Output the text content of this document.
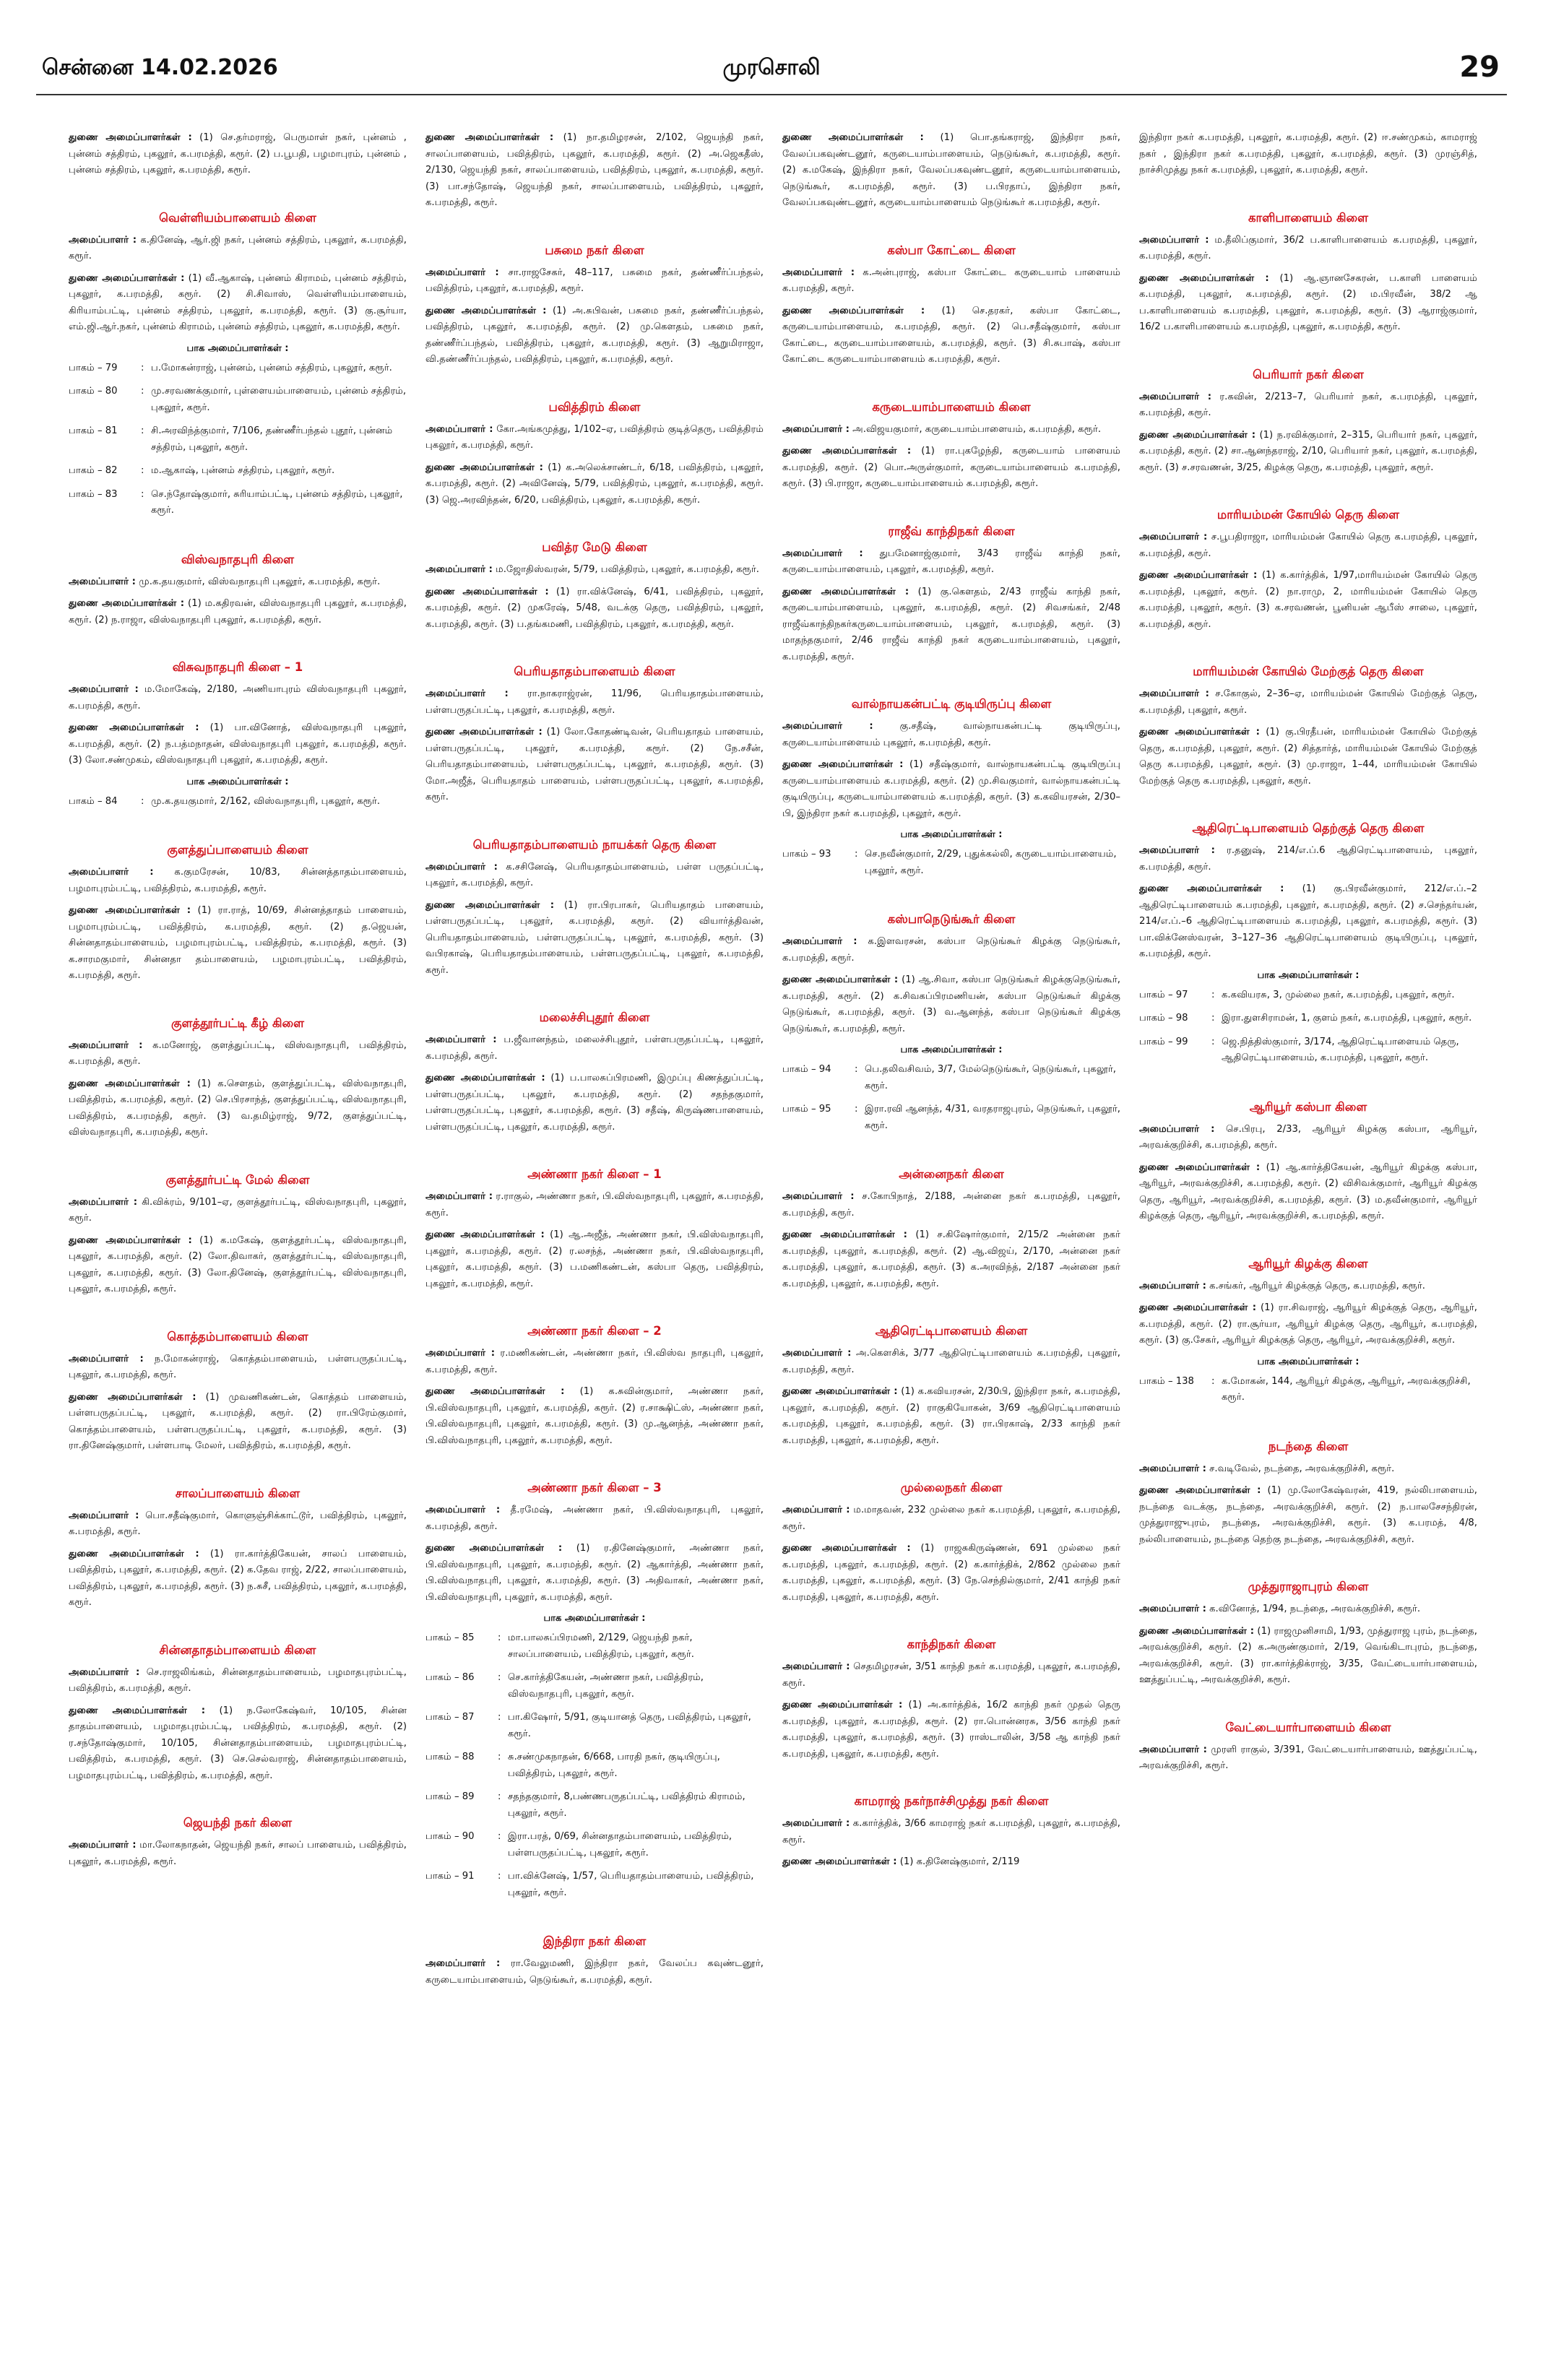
சென்னை 14.02.2026	முரசொலி	29
துணை அமைப்பாளர்கள் : (1) செ.தர்மராஜ், பெருமாள் நகர், புன்னம் , புன்னம் சத்திரம், புகலூர், க.பரமத்தி, கரூர். (2) ப.பூபதி, பழமாபுரம், புன்னம் , புன்னம் சத்திரம், புகலூர், க.பரமத்தி, கரூர்.
வெள்ளியம்பாளையம் கிளை
அமைப்பாளர் : க.தினேஷ், ஆர்.ஜி நகர், புன்னம் சத்திரம், புகலூர், க.பரமத்தி, கரூர்.
துணை அமைப்பாளர்கள் : (1) வீ.ஆகாஷ், புன்னம் கிராமம், புன்னம் சத்திரம், புகலூர், க.பரமத்தி, கரூர். (2) சி.சிவாஸ், வெள்ளியம்பாளையம், கிரியாம்பட்டி, புன்னம் சத்திரம், புகலூர், க.பரமத்தி, கரூர். (3) கு.சூர்யா, எம்.ஜி.ஆர்.நகர், புன்னம் கிராமம், புன்னம் சத்திரம், புகலூர், க.பரமத்தி, கரூர்.
பாக அமைப்பாளர்கள் :
பாகம் – 79	: ப.மோகன்ராஜ், புன்னம், புன்னம் சத்திரம், புகலூர், கரூர்.
பாகம் – 80	: மு.சரவணக்குமார், புள்ளையம்பாளையம், புன்னம் சத்திரம், புகலூர், கரூர்.
பாகம் – 81	: சி.அரவிந்த்குமார், 7/106, தண்ணீர்பந்தல் புதூர், புன்னம் சத்திரம், புகலூர், கரூர்.
பாகம் – 82	: ம.ஆகாஷ், புன்னம் சத்திரம், புகலூர், கரூர்.
பாகம் – 83	: செ.ந்தோஷ்குமார், சுரியாம்பட்டி, புன்னம் சத்திரம், புகலூர், கரூர்.
விஸ்வநாதபுரி கிளை
அமைப்பாளர் : மு.க.தயகுமார், விஸ்வநாதபுரி புகலூர், க.பரமத்தி, கரூர்.
துணை அமைப்பாளர்கள் : (1) ம.கதிரவன், விஸ்வநாதபுரி புகலூர், க.பரமத்தி, கரூர். (2) ந.ராஜா, விஸ்வநாதபுரி புகலூர், க.பரமத்தி, கரூர்.
விசுவநாதபுரி கிளை – 1
அமைப்பாளர் : ம.மோகேஷ், 2/180, அணியாபுரம் விஸ்வநாதபுரி புகலூர், க.பரமத்தி, கரூர்.
துணை அமைப்பாளர்கள் : (1) பா.வினோத், விஸ்வநாதபுரி புகலூர், க.பரமத்தி, கரூர். (2) ந.பத்மநாதன், விஸ்வநாதபுரி புகலூர், க.பரமத்தி, கரூர். (3) லோ.சண்முகம், விஸ்வநாதபுரி புகலூர், க.பரமத்தி, கரூர்.
பாக அமைப்பாளர்கள் :
பாகம் – 84	: மு.க.தயகுமார், 2/162, விஸ்வநாதபுரி, புகலூர், கரூர்.
குளத்துப்பாளையம் கிளை
அமைப்பாளர் : க.குமரேசன், 10/83, சின்னத்தாதம்பாளையம், பழமாபுரம்பட்டி, பவித்திரம், க.பரமத்தி, கரூர்.
துணை அமைப்பாளர்கள் : (1) ரா.ராத், 10/69, சின்னத்தாதம் பாளையம், பழமாபுரம்பட்டி, பவித்திரம், க.பரமத்தி, கரூர். (2) த.ஜெயன், சின்னதாதம்பாளையம், பழமாபுரம்பட்டி, பவித்திரம், க.பரமத்தி, கரூர். (3) க.சாரமகுமார், சின்னதா தம்பாளையம், பழமாபுரம்பட்டி, பவித்திரம், க.பரமத்தி, கரூர்.
குளத்தூர்பட்டி கீழ் கிளை
அமைப்பாளர் : க.மனோஜ், குளத்துப்பட்டி, விஸ்வநாதபுரி, பவித்திரம், க.பரமத்தி, கரூர்.
துணை அமைப்பாளர்கள் : (1) க.செளதம், குளத்துப்பட்டி, விஸ்வநாதபுரி, பவித்திரம், க.பரமத்தி, கரூர். (2) செ.பிரசாந்த், குளத்துப்பட்டி, விஸ்வநாதபுரி, பவித்திரம், க.பரமத்தி, கரூர். (3) வ.தமிழ்ராஜ், 9/72, குளத்துப்பட்டி, விஸ்வநாதபுரி, க.பரமத்தி, கரூர்.
குளத்தூர்பட்டி மேல் கிளை
அமைப்பாளர் : கி.விக்ரம், 9/101–ஏ, குளத்தூர்பட்டி, விஸ்வநாதபுரி, புகலூர், கரூர்.
துணை அமைப்பாளர்கள் : (1) க.மகேஷ், குளத்தூர்பட்டி, விஸ்வநாதபுரி, புகலூர், க.பரமத்தி, கரூர். (2) லோ.திவாகர், குளத்தூர்பட்டி, விஸ்வநாதபுரி, புகலூர், க.பரமத்தி, கரூர். (3) லோ.தினேஷ், குளத்தூர்பட்டி, விஸ்வநாதபுரி, புகலூர், க.பரமத்தி, கரூர்.
கொத்தம்பாளையம் கிளை
அமைப்பாளர் : ந.மோகன்ராஜ், கொத்தம்பாளையம், பள்ளபருதப்பட்டி, புகலூர், க.பரமத்தி, கரூர்.
துணை அமைப்பாளர்கள் : (1) முவணிகண்டன், கொத்தம் பாளையம், பள்ளபருதப்பட்டி, புகலூர், க.பரமத்தி, கரூர். (2) ரா.பிரேம்குமார், கொத்தம்பாளையம், பள்ளபருதப்பட்டி, புகலூர், க.பரமத்தி, கரூர். (3) ரா.தினேஷ்குமார், பள்ளபாடி மேலர், பவித்திரம், க.பரமத்தி, கரூர்.
சாலப்பாளையம் கிளை
அமைப்பாளர் : பொ.சதீஷ்குமார், கொளுஞ்சிக்காட்டூர், பவித்திரம், புகலூர், க.பரமத்தி, கரூர்.
துணை அமைப்பாளர்கள் : (1) ரா.கார்த்திகேயன், சாலப் பாளையம், பவித்திரம், புகலூர், க.பரமத்தி, கரூர். (2) க.தேவ ராஜ், 2/22, சாலப்பாளையம், பவித்திரம், புகலூர், க.பரமத்தி, கரூர். (3) ந.சுசீ, பவித்திரம், புகலூர், க.பரமத்தி, கரூர்.
சின்னதாதம்பாளையம் கிளை
அமைப்பாளர் : செ.ராஜலிங்கம், சின்னதாதம்பாளையம், பழமாதபுரம்பட்டி, பவித்திரம், க.பரமத்தி, கரூர்.
துணை அமைப்பாளர்கள் : (1) ந.லோகேஷ்வர், 10/105, சின்ன தாதம்பாளையம், பழமாதபுரம்பட்டி, பவித்திரம், க.பரமத்தி, கரூர். (2) ர.சந்தோஷ்குமார், 10/105, சின்னதாதம்பாளையம், பழமாதபுரம்பட்டி, பவித்திரம், க.பரமத்தி, கரூர். (3) செ.செல்வராஜ், சின்னதாதம்பாளையம், பழமாதபுரம்பட்டி, பவித்திரம், க.பரமத்தி, கரூர்.
ஜெயந்தி நகர் கிளை
அமைப்பாளர் : மா.லோகநாதன், ஜெயந்தி நகர், சாலப் பாளையம், பவித்திரம், புகலூர், க.பரமத்தி, கரூர்.
துணை அமைப்பாளர்கள் : (1) நா.தமிழரசன், 2/102, ஜெயந்தி நகர், சாலப்பாளையம், பவித்திரம், புகலூர், க.பரமத்தி, கரூர். (2) அ.ஜெகதீஸ், 2/130, ஜெயந்தி நகர், சாலப்பாளையம், பவித்திரம், புகலூர், க.பரமத்தி, கரூர். (3) பா.சந்தோஷ், ஜெயந்தி நகர், சாலப்பாளையம், பவித்திரம், புகலூர், க.பரமத்தி, கரூர்.
பசுமை நகர் கிளை
அமைப்பாளர் : சா.ராஜசேகர், 48–117, பசுமை நகர், தண்ணீர்ப்பந்தல், பவித்திரம், புகலூர், க.பரமத்தி, கரூர்.
துணை அமைப்பாளர்கள் : (1) அ.சுபிவன், பசுமை நகர், தண்ணீர்ப்பந்தல், பவித்திரம், புகலூர், க.பரமத்தி, கரூர். (2) மு.கௌதம், பசுமை நகர், தண்ணீர்ப்பந்தல், பவித்திரம், புகலூர், க.பரமத்தி, கரூர். (3) ஆறுமிராஜா, வி.தண்ணீர்ப்பந்தல், பவித்திரம், புகலூர், க.பரமத்தி, கரூர்.
பவித்திரம் கிளை
அமைப்பாளர் : கோ.அங்கமுத்து, 1/102–ஏ, பவித்திரம் குடித்தெரு, பவித்திரம் புகலூர், க.பரமத்தி, கரூர்.
துணை அமைப்பாளர்கள் : (1) க.அலெக்சாண்டர், 6/18, பவித்திரம், புகலூர், க.பரமத்தி, கரூர். (2) அவினேஷ், 5/79, பவித்திரம், புகலூர், க.பரமத்தி, கரூர். (3) ஜெ.அரவிந்தன், 6/20, பவித்திரம், புகலூர், க.பரமத்தி, கரூர்.
பவித்ர மேடு கிளை
அமைப்பாளர் : ம.ஜோதிஸ்வரன், 5/79, பவித்திரம், புகலூர், க.பரமத்தி, கரூர்.
துணை அமைப்பாளர்கள் : (1) ரா.விக்னேஷ், 6/41, பவித்திரம், புகலூர், க.பரமத்தி, கரூர். (2) முகரேஷ், 5/48, வடக்கு தெரு, பவித்திரம், புகலூர், க.பரமத்தி, கரூர். (3) ப.தங்கமணி, பவித்திரம், புகலூர், க.பரமத்தி, கரூர்.
பெரியதாதம்பாளையம் கிளை
அமைப்பாளர் : ரா.நாகராஜ்ரன், 11/96, பெரியதாதம்பாளையம், பள்ளபருதப்பட்டி, புகலூர், க.பரமத்தி, கரூர்.
துணை அமைப்பாளர்கள் : (1) லோ.கோதண்டிவன், பெரியதாதம் பாளையம், பள்ளபருதப்பட்டி, புகலூர், க.பரமத்தி, கரூர். (2) நே.சசீன், பெரியதாதம்பாளையம், பள்ளபருதப்பட்டி, புகலூர், க.பரமத்தி, கரூர். (3) மோ.அஜீத், பெரியதாதம் பாளையம், பள்ளபருதப்பட்டி, புகலூர், க.பரமத்தி, கரூர்.
பெரியதாதம்பாளையம் நாயக்கர் தெரு கிளை
அமைப்பாளர் : க.சசினேஷ், பெரியதாதம்பாளையம், பள்ள பருதப்பட்டி, புகலூர், க.பரமத்தி, கரூர்.
துணை அமைப்பாளர்கள் : (1) ரா.பிரபாகர், பெரியதாதம் பாளையம், பள்ளபருதப்பட்டி, புகலூர், க.பரமத்தி, கரூர். (2) வியார்த்திவன், பெரியதாதம்பாளையம், பள்ளபருதப்பட்டி, புகலூர், க.பரமத்தி, கரூர். (3) வபிரகாஷ், பெரியதாதம்பாளையம், பள்ளபருதப்பட்டி, புகலூர், க.பரமத்தி, கரூர்.
மலைச்சிபுதூர் கிளை
அமைப்பாளர் : ப.ஜீவானந்தம், மலைச்சிபுதூர், பள்ளபருதப்பட்டி, புகலூர், க.பரமத்தி, கரூர்.
துணை அமைப்பாளர்கள் : (1) ப.பாலசுப்பிரமணி, இமுப்பு கிணத்துப்பட்டி, பள்ளபருதப்பட்டி, புகலூர், க.பரமத்தி, கரூர். (2) சதந்தகுமார், பள்ளபருதப்பட்டி, புகலூர், க.பரமத்தி, கரூர். (3) சதீஷ், கிருஷ்ணபாளையம், பள்ளபருதப்பட்டி, புகலூர், க.பரமத்தி, கரூர்.
அண்ணா நகர் கிளை – 1
அமைப்பாளர் : ர.ராகுல், அண்ணா நகர், பி.விஸ்வநாதபுரி, புகலூர், க.பரமத்தி, கரூர்.
துணை அமைப்பாளர்கள் : (1) ஆ.அஜீத், அண்ணா நகர், பி.விஸ்வநாதபுரி, புகலூர், க.பரமத்தி, கரூர். (2) ர.லசந்த், அண்ணா நகர், பி.விஸ்வநாதபுரி, புகலூர், க.பரமத்தி, கரூர். (3) ப.மணிகண்டன், கஸ்பா தெரு, பவித்திரம், புகலூர், க.பரமத்தி, கரூர்.
அண்ணா நகர் கிளை – 2
அமைப்பாளர் : ர.மணிகண்டன், அண்ணா நகர், பி.விஸ்வ நாதபுரி, புகலூர், க.பரமத்தி, கரூர்.
துணை அமைப்பாளர்கள் : (1) க.சுவின்குமார், அண்ணா நகர், பி.விஸ்வநாதபுரி, புகலூர், க.பரமத்தி, கரூர். (2) ர.சாக்ஷிட்ஸ், அண்ணா நகர், பி.விஸ்வநாதபுரி, புகலூர், க.பரமத்தி, கரூர். (3) மு.ஆனந்த், அண்ணா நகர், பி.விஸ்வநாதபுரி, புகலூர், க.பரமத்தி, கரூர்.
அண்ணா நகர் கிளை – 3
அமைப்பாளர் : தீ.ரமேஷ், அண்ணா நகர், பி.விஸ்வநாதபுரி, புகலூர், க.பரமத்தி, கரூர்.
துணை அமைப்பாளர்கள் : (1) ர.தினேஷ்குமார், அண்ணா நகர், பி.விஸ்வநாதபுரி, புகலூர், க.பரமத்தி, கரூர். (2) ஆகார்த்தி, அண்ணா நகர், பி.விஸ்வநாதபுரி, புகலூர், க.பரமத்தி, கரூர். (3) அதிவாகர், அண்ணா நகர், பி.விஸ்வநாதபுரி, புகலூர், க.பரமத்தி, கரூர்.
பாக அமைப்பாளர்கள் :
பாகம் – 85	: மா.பாலசுப்பிரமணி, 2/129, ஜெயந்தி நகர், சாலப்பாளையம், பவித்திரம், புகலூர், கரூர்.
பாகம் – 86	: செ.கார்த்திகேயன், அண்ணா நகர், பவித்திரம், விஸ்வநாதபுரி, புகலூர், கரூர்.
பாகம் – 87	: பா.கிஷோர், 5/91, குடியானத் தெரு, பவித்திரம், புகலூர், கரூர்.
பாகம் – 88	: சு.சண்முகநாதன், 6/668, பாரதி நகர், குடியிருப்பு, பவித்திரம், புகலூர், கரூர்.
பாகம் – 89	: சதந்தகுமார், 8,பண்ணபருதப்பட்டி, பவித்திரம் கிராமம், புகலூர், கரூர்.
பாகம் – 90	: இரா.பரத், 0/69, சின்னதாதம்பாளையம், பவித்திரம், பள்ளபருதப்பட்டி, புகலூர், கரூர்.
பாகம் – 91	: பா.விக்னேஷ், 1/57, பெரியதாதம்பாளையம், பவித்திரம், புகலூர், கரூர்.
இந்திரா நகர் கிளை
அமைப்பாளர் : ரா.வேலுமணி, இந்திரா நகர், வேலப்ப கவுண்டனூர், கருடையாம்பாளையம், நெடுங்கூர், க.பரமத்தி, கரூர்.
துணை அமைப்பாளர்கள் : (1) பொ.தங்கராஜ், இந்திரா நகர், வேலப்பகவுண்டனூர், கருடையாம்பாளையம், நெடுங்கூர், க.பரமத்தி, கரூர். (2) க.மகேஷ், இந்திரா நகர், வேலப்பகவுண்டனூர், கருடையாம்பாளையம், நெடுங்கூர், க.பரமத்தி, கரூர். (3) ப.பிரதாப், இந்திரா நகர், வேலப்பகவுண்டனூர், கருடையாம்பாளையம் நெடுங்கூர் க.பரமத்தி, கரூர்.
கஸ்பா கோட்டை கிளை
அமைப்பாளர் : க.அன்புராஜ், கஸ்பா கோட்டை கருடையாம் பாளையம் க.பரமத்தி, கரூர்.
துணை அமைப்பாளர்கள் : (1) செ.தரகர், கஸ்பா கோட்டை, கருடையாம்பாளையம், க.பரமத்தி, கரூர். (2) பெ.சதீஷ்குமார், கஸ்பா கோட்டை, கருடையாம்பாளையம், க.பரமத்தி, கரூர். (3) சி.சுபாஷ், கஸ்பா கோட்டை கருடையாம்பாளையம் க.பரமத்தி, கரூர்.
கருடையாம்பாளையம் கிளை
அமைப்பாளர் : அ.விஜயகுமார், கருடையாம்பாளையம், க.பரமத்தி, கரூர்.
துணை அமைப்பாளர்கள் : (1) ரா.புகழேந்தி, கருடையாம் பாளையம் க.பரமத்தி, கரூர். (2) பொ.அருள்குமார், கருடையாம்பாளையம் க.பரமத்தி, கரூர். (3) பி.ராஜா, கருடையாம்பாளையம் க.பரமத்தி, கரூர்.
ராஜீவ் காந்திநகர் கிளை
அமைப்பாளர் : துபமேனாஜ்குமார், 3/43 ராஜீவ் காந்தி நகர், கருடையாம்பாளையம், புகலூர், க.பரமத்தி, கரூர்.
துணை அமைப்பாளர்கள் : (1) கு.கௌதம், 2/43 ராஜீவ் காந்தி நகர், கருடையாம்பாளையம், புகலூர், க.பரமத்தி, கரூர். (2) சிவசங்கர், 2/48 ராஜீவ்காந்திநகர்கருடையாம்பாளையம், புகலூர், க.பரமத்தி, கரூர். (3) மாதந்தகுமார், 2/46 ராஜீவ் காந்தி நகர் கருடையாம்பாளையம், புகலூர், க.பரமத்தி, கரூர்.
வால்நாயகன்பட்டி குடியிருப்பு கிளை
அமைப்பாளர் :	கு.சதீஷ், வால்நாயகன்பட்டி குடியிருப்பு, கருடையாம்பாளையம் புகலூர், க.பரமத்தி, கரூர்.
துணை அமைப்பாளர்கள் : (1) சதீஷ்குமார், வால்நாயகன்பட்டி குடியிருப்பு கருடையாம்பாளையம் க.பரமத்தி, கரூர். (2) மு.சிவகுமார், வால்நாயகன்பட்டி குடியிருப்பு, கருடையாம்பாளையம் க.பரமத்தி, கரூர். (3) க.கவியரசன், 2/30–பி, இந்திரா நகர் க.பரமத்தி, புகலூர், கரூர்.
பாக அமைப்பாளர்கள் :
பாகம் – 93	: செ.நவீன்குமார், 2/29, புதுக்கல்லி, கருடையாம்பாளையம், புகலூர், கரூர்.
கஸ்பாநெடுங்கூர் கிளை
அமைப்பாளர் : க.இளவரசன், கஸ்பா நெடுங்கூர் கிழக்கு நெடுங்கூர், க.பரமத்தி, கரூர்.
துணை அமைப்பாளர்கள் : (1) ஆ.சிவா, கஸ்பா நெடுங்கூர் கிழக்குநெடுங்கூர், க.பரமத்தி, கரூர். (2) க.சிவகப்பிரமணியன், கஸ்பா நெடுங்கூர் கிழக்கு நெடுங்கூர், க.பரமத்தி, கரூர். (3) வ.ஆனந்த், கஸ்பா நெடுங்கூர் கிழக்கு நெடுங்கூர், க.பரமத்தி, கரூர்.
பாக அமைப்பாளர்கள் :
பாகம் – 94	: பெ.தலிவசிவம், 3/7, மேல்நெடுங்கூர், நெடுங்கூர், புகலூர், கரூர்.
பாகம் – 95	: இரா.ரவி ஆனந்த், 4/31, வரதராஜபுரம், நெடுங்கூர், புகலூர், கரூர்.
அன்னைநகர் கிளை
அமைப்பாளர் : ச.கோபிநாத், 2/188, அன்னை நகர் க.பரமத்தி, புகலூர், க.பரமத்தி, கரூர்.
துணை அமைப்பாளர்கள் : (1) ச.கிஷோர்குமார், 2/15/2 அன்னை நகர் க.பரமத்தி, புகலூர், க.பரமத்தி, கரூர். (2) ஆ.விஜய், 2/170, அன்னை நகர் க.பரமத்தி, புகலூர், க.பரமத்தி, கரூர். (3) க.அரவிந்த், 2/187 அன்னை நகர் க.பரமத்தி, புகலூர், க.பரமத்தி, கரூர்.
ஆதிரெட்டிபாளையம் கிளை
அமைப்பாளர் : அ.கௌசிக், 3/77 ஆதிரெட்டிபாளையம் க.பரமத்தி, புகலூர், க.பரமத்தி, கரூர்.
துணை அமைப்பாளர்கள் : (1) க.கவியரசன், 2/30பி, இந்திரா நகர், க.பரமத்தி, புகலூர், க.பரமத்தி, கரூர். (2) ராகுகியோகன், 3/69 ஆதிரெட்டிபாளையம் க.பரமத்தி, புகலூர், க.பரமத்தி, கரூர். (3) ரா.பிரகாஷ், 2/33 காந்தி நகர் க.பரமத்தி, புகலூர், க.பரமத்தி, கரூர்.
முல்லைநகர் கிளை
அமைப்பாளர் : ம.மாதவன், 232 முல்லை நகர் க.பரமத்தி, புகலூர், க.பரமத்தி, கரூர்.
துணை அமைப்பாளர்கள் : (1) ராஜசுகிருஷ்ணன், 691 முல்லை நகர் க.பரமத்தி, புகலூர், க.பரமத்தி, கரூர். (2) க.கார்த்திக், 2/862 முல்லை நகர் க.பரமத்தி, புகலூர், க.பரமத்தி, கரூர். (3) நே.செந்தில்குமார், 2/41 காந்தி நகர் க.பரமத்தி, புகலூர், க.பரமத்தி, கரூர்.
காந்திநகர் கிளை
அமைப்பாளர் : செதமிழரசன், 3/51 காந்தி நகர் க.பரமத்தி, புகலூர், க.பரமத்தி, கரூர்.
துணை அமைப்பாளர்கள் : (1) அ.கார்த்திக், 16/2 காந்தி நகர் முதல் தெரு க.பரமத்தி, புகலூர், க.பரமத்தி, கரூர். (2) ரா.பொன்னரசு, 3/56 காந்தி நகர் க.பரமத்தி, புகலூர், க.பரமத்தி, கரூர். (3) ராஸ்டாலின், 3/58 ஆ காந்தி நகர் க.பரமத்தி, புகலூர், க.பரமத்தி, கரூர்.
காமராஜ் நகர்நாச்சிமுத்து நகர் கிளை
அமைப்பாளர் : க.கார்த்திக், 3/66 காமராஜ் நகர் க.பரமத்தி, புகலூர், க.பரமத்தி, கரூர்.
துணை அமைப்பாளர்கள் : (1) க.தினேஷ்குமார், 2/119
இந்திரா நகர் க.பரமத்தி, புகலூர், க.பரமத்தி, கரூர். (2) ஈ.சண்முகம், காமராஜ் நகர் , இந்திரா நகர் க.பரமத்தி, புகலூர், க.பரமத்தி, கரூர். (3) முரஞ்சித், நாச்சிமுத்து நகர் க.பரமத்தி, புகலூர், க.பரமத்தி, கரூர்.
காளிபாளையம் கிளை
அமைப்பாளர் : ம.தீலிப்குமார், 36/2 ப.காளிபாளையம் க.பரமத்தி, புகலூர், க.பரமத்தி, கரூர்.
துணை அமைப்பாளர்கள் : (1) ஆ.ஞானசேகரன், ப.காளி பாளையம் க.பரமத்தி, புகலூர், க.பரமத்தி, கரூர். (2) ம.பிரவீன், 38/2 ஆ ப.காளிபாளையம் க.பரமத்தி, புகலூர், க.பரமத்தி, கரூர். (3) ஆராஜ்குமார், 16/2 ப.காளிபாளையம் க.பரமத்தி, புகலூர், க.பரமத்தி, கரூர்.
பெரியார் நகர் கிளை
அமைப்பாளர் : ர.கவின், 2/213–7, பெரியார் நகர், க.பரமத்தி, புகலூர், க.பரமத்தி, கரூர்.
துணை அமைப்பாளர்கள் : (1) ந.ரவிக்குமார், 2–315, பெரியார் நகர், புகலூர், க.பரமத்தி, கரூர். (2) சா.ஆனந்தராஜ், 2/10, பெரியார் நகர், புகலூர், க.பரமத்தி, கரூர். (3) ச.சரவணன், 3/25, கிழக்கு தெரு, க.பரமத்தி, புகலூர், கரூர்.
மாரியம்மன் கோயில் தெரு கிளை
அமைப்பாளர் : ச.பூபதிராஜா, மாரியம்மன் கோயில் தெரு க.பரமத்தி, புகலூர், க.பரமத்தி, கரூர்.
துணை அமைப்பாளர்கள் : (1) க.கார்த்திக், 1/97,மாரியம்மன் கோயில் தெரு க.பரமத்தி, புகலூர், கரூர். (2) நா.ராமு, 2, மாரியம்மன் கோயில் தெரு க.பரமத்தி, புகலூர், கரூர். (3) க.சரவணன், பூனியன் ஆபீஸ் சாலை, புகலூர், க.பரமத்தி, கரூர்.
மாரியம்மன் கோயில் மேற்குத் தெரு கிளை
அமைப்பாளர் : ச.கோகுல், 2–36–ஏ, மாரியம்மன் கோயில் மேற்குத் தெரு, க.பரமத்தி, புகலூர், கரூர்.
துணை அமைப்பாளர்கள் : (1) கு.பிரதீபன், மாரியம்மன் கோயில் மேற்குத் தெரு, க.பரமத்தி, புகலூர், கரூர். (2) சித்தார்த், மாரியம்மன் கோயில் மேற்குத் தெரு க.பரமத்தி, புகலூர், கரூர். (3) மு.ராஜா, 1–44, மாரியம்மன் கோயில் மேற்குத் தெரு க.பரமத்தி, புகலூர், கரூர்.
ஆதிரெட்டிபாளையம் தெற்குத் தெரு கிளை
அமைப்பாளர் : ர.தனுஷ், 214/எ.ப்.6 ஆதிரெட்டிபாளையம், புகலூர், க.பரமத்தி, கரூர்.
துணை அமைப்பாளர்கள் : (1) கு.பிரவீன்குமார், 212/எ.ப்.–2 ஆதிரெட்டிபாளையம் க.பரமத்தி, புகலூர், க.பரமத்தி, கரூர். (2) ச.செந்தர்யன், 214/எ.ப்.–6 ஆதிரெட்டிபாளையம் க.பரமத்தி, புகலூர், க.பரமத்தி, கரூர். (3) பா.விக்னேஸ்வரன், 3–127–36 ஆதிரெட்டிபாளையம் குடியிருப்பு, புகலூர், க.பரமத்தி, கரூர்.
பாக அமைப்பாளர்கள் :
பாகம் – 97	: க.கவியரசு, 3, முல்லை நகர், க.பரமத்தி, புகலூர், கரூர்.
பாகம் – 98	: இரா.துளசிராமன், 1, குளம் நகர், க.பரமத்தி, புகலூர், கரூர்.
பாகம் – 99	: ஜெ.நித்திஸ்குமார், 3/174, ஆதிரெட்டிபாளையம் தெரு, ஆதிரெட்டிபாளையம், க.பரமத்தி, புகலூர், கரூர்.
ஆரியூர் கஸ்பா கிளை
அமைப்பாளர் : செ.பிரபு, 2/33, ஆரியூர் கிழக்கு கஸ்பா, ஆரியூர், அரவக்குறிச்சி, க.பரமத்தி, கரூர்.
துணை அமைப்பாளர்கள் : (1) ஆ.கார்த்திகேயன், ஆரியூர் கிழக்கு கஸ்பா, ஆரியூர், அரவக்குறிச்சி, க.பரமத்தி, கரூர். (2) விசிவக்குமார், ஆரியூர் கிழக்கு தெரு, ஆரியூர், அரவக்குறிச்சி, க.பரமத்தி, கரூர். (3) ம.தவீன்குமார், ஆரியூர் கிழக்குத் தெரு, ஆரியூர், அரவக்குறிச்சி, க.பரமத்தி, கரூர்.
ஆரியூர் கிழக்கு கிளை
அமைப்பாளர் : க.சங்கர், ஆரியூர் கிழக்குத் தெரு, க.பரமத்தி, கரூர்.
துணை அமைப்பாளர்கள் : (1) ரா.சிவராஜ், ஆரியூர் கிழக்குத் தெரு, ஆரியூர், க.பரமத்தி, கரூர். (2) ரா.சூர்யா, ஆரியூர் கிழக்கு தெரு, ஆரியூர், க.பரமத்தி, கரூர். (3) கு.சேகர், ஆரியூர் கிழக்குத் தெரு, ஆரியூர், அரவக்குறிச்சி, கரூர்.
பாக அமைப்பாளர்கள் :
பாகம் – 138	: க.மோகன், 144, ஆரியூர் கிழக்கு, ஆரியூர், அரவக்குறிச்சி, கரூர்.
நடந்தை கிளை
அமைப்பாளர் : ச.வடிவேல், நடந்தை, அரவக்குறிச்சி, கரூர்.
துணை அமைப்பாளர்கள் : (1) மு.லோகேஷ்வரன், 419, நல்லிபாளையம், நடந்தை வடக்கு, நடந்தை, அரவக்குறிச்சி, கரூர். (2) ந.பாலசேசந்திரன், முத்துராஜுபுரம், நடந்தை, அரவக்குறிச்சி, கரூர். (3) க.பரமத், 4/8, நல்லிபாளையம், நடந்தை தெற்கு நடந்தை, அரவக்குறிச்சி, கரூர்.
முத்துராஜாபுரம் கிளை
அமைப்பாளர் : க.வினோத், 1/94, நடந்தை, அரவக்குறிச்சி, கரூர்.
துணை அமைப்பாளர்கள் : (1) ராஜமுனிசாமி, 1/93, முத்துராஜ புரம், நடந்தை, அரவக்குறிச்சி, கரூர். (2) க.அருண்குமார், 2/19, வெங்கிடாபுரம், நடந்தை, அரவக்குறிச்சி, கரூர். (3) ரா.கார்த்திக்ராஜ், 3/35, வேட்டையார்பாளையம், ஊத்துப்பட்டி, அரவக்குறிச்சி, கரூர்.
வேட்டையார்பாளையம் கிளை
அமைப்பாளர் : முரளி ராகுல், 3/391, வேட்டையார்பாளையம், ஊத்துப்பட்டி, அரவக்குறிச்சி, கரூர்.
